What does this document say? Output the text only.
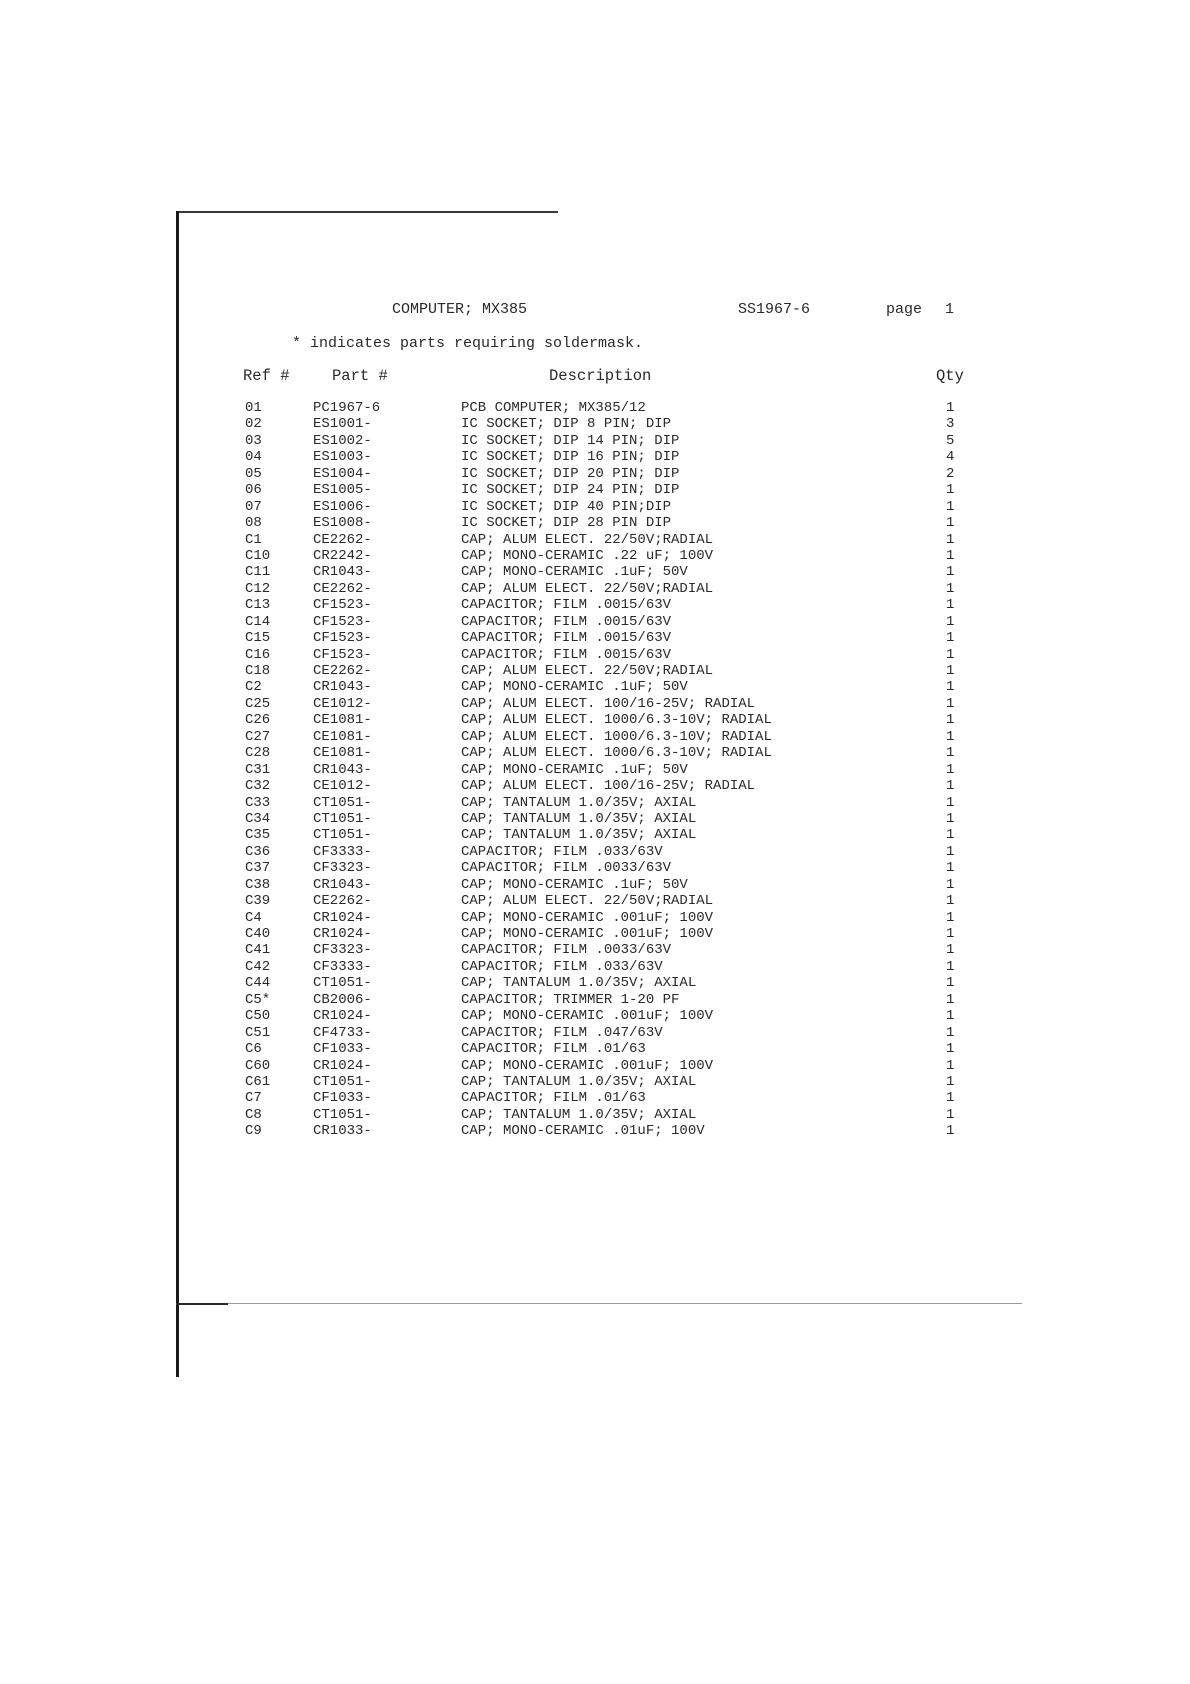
COMPUTER; MX385	SS1967-6	page 1
* indicates parts requiring soldermask.
Ref #	Part #	Description	Qty
01	PC1967-6	PCB COMPUTER; MX385/12	1
02	ES1001-	IC SOCKET; DIP 8 PIN; DIP	3
03	ES1002-	IC SOCKET; DIP 14 PIN; DIP	5
04	ES1003-	IC SOCKET; DIP 16 PIN; DIP	4
05	ES1004-	IC SOCKET; DIP 20 PIN; DIP	2
06	ES1005-	IC SOCKET; DIP 24 PIN; DIP	1
07	ES1006-	IC SOCKET; DIP 40 PIN;DIP	1
08	ES1008-	IC SOCKET; DIP 28 PIN DIP	1
C1	CE2262-	CAP; ALUM ELECT. 22/50V;RADIAL	1
C10	CR2242-	CAP; MONO-CERAMIC .22 uF; 100V	1
C11	CR1043-	CAP; MONO-CERAMIC .1uF; 50V	1
C12	CE2262-	CAP; ALUM ELECT. 22/50V;RADIAL	1
C13	CF1523-	CAPACITOR; FILM .0015/63V	1
C14	CF1523-	CAPACITOR; FILM .0015/63V	1
C15	CF1523-	CAPACITOR; FILM .0015/63V	1
C16	CF1523-	CAPACITOR; FILM .0015/63V	1
C18	CE2262-	CAP; ALUM ELECT. 22/50V;RADIAL	1
C2	CR1043-	CAP; MONO-CERAMIC .1uF; 50V	1
C25	CE1012-	CAP; ALUM ELECT. 100/16-25V; RADIAL	1
C26	CE1081-	CAP; ALUM ELECT. 1000/6.3-10V; RADIAL	1
C27	CE1081-	CAP; ALUM ELECT. 1000/6.3-10V; RADIAL	1
C28	CE1081-	CAP; ALUM ELECT. 1000/6.3-10V; RADIAL	1
C31	CR1043-	CAP; MONO-CERAMIC .1uF; 50V	1
C32	CE1012-	CAP; ALUM ELECT. 100/16-25V; RADIAL	1
C33	CT1051-	CAP; TANTALUM 1.0/35V; AXIAL	1
C34	CT1051-	CAP; TANTALUM 1.0/35V; AXIAL	1
C35	CT1051-	CAP; TANTALUM 1.0/35V; AXIAL	1
C36	CF3333-	CAPACITOR; FILM .033/63V	1
C37	CF3323-	CAPACITOR; FILM .0033/63V	1
C38	CR1043-	CAP; MONO-CERAMIC .1uF; 50V	1
C39	CE2262-	CAP; ALUM ELECT. 22/50V;RADIAL	1
C4	CR1024-	CAP; MONO-CERAMIC .001uF; 100V	1
C40	CR1024-	CAP; MONO-CERAMIC .001uF; 100V	1
C41	CF3323-	CAPACITOR; FILM .0033/63V	1
C42	CF3333-	CAPACITOR; FILM .033/63V	1
C44	CT1051-	CAP; TANTALUM 1.0/35V; AXIAL	1
C5*	CB2006-	CAPACITOR; TRIMMER 1-20 PF	1
C50	CR1024-	CAP; MONO-CERAMIC .001uF; 100V	1
C51	CF4733-	CAPACITOR; FILM .047/63V	1
C6	CF1033-	CAPACITOR; FILM .01/63	1
C60	CR1024-	CAP; MONO-CERAMIC .001uF; 100V	1
C61	CT1051-	CAP; TANTALUM 1.0/35V; AXIAL	1
C7	CF1033-	CAPACITOR; FILM .01/63	1
C8	CT1051-	CAP; TANTALUM 1.0/35V; AXIAL	1
C9	CR1033-	CAP; MONO-CERAMIC .01uF; 100V	1
